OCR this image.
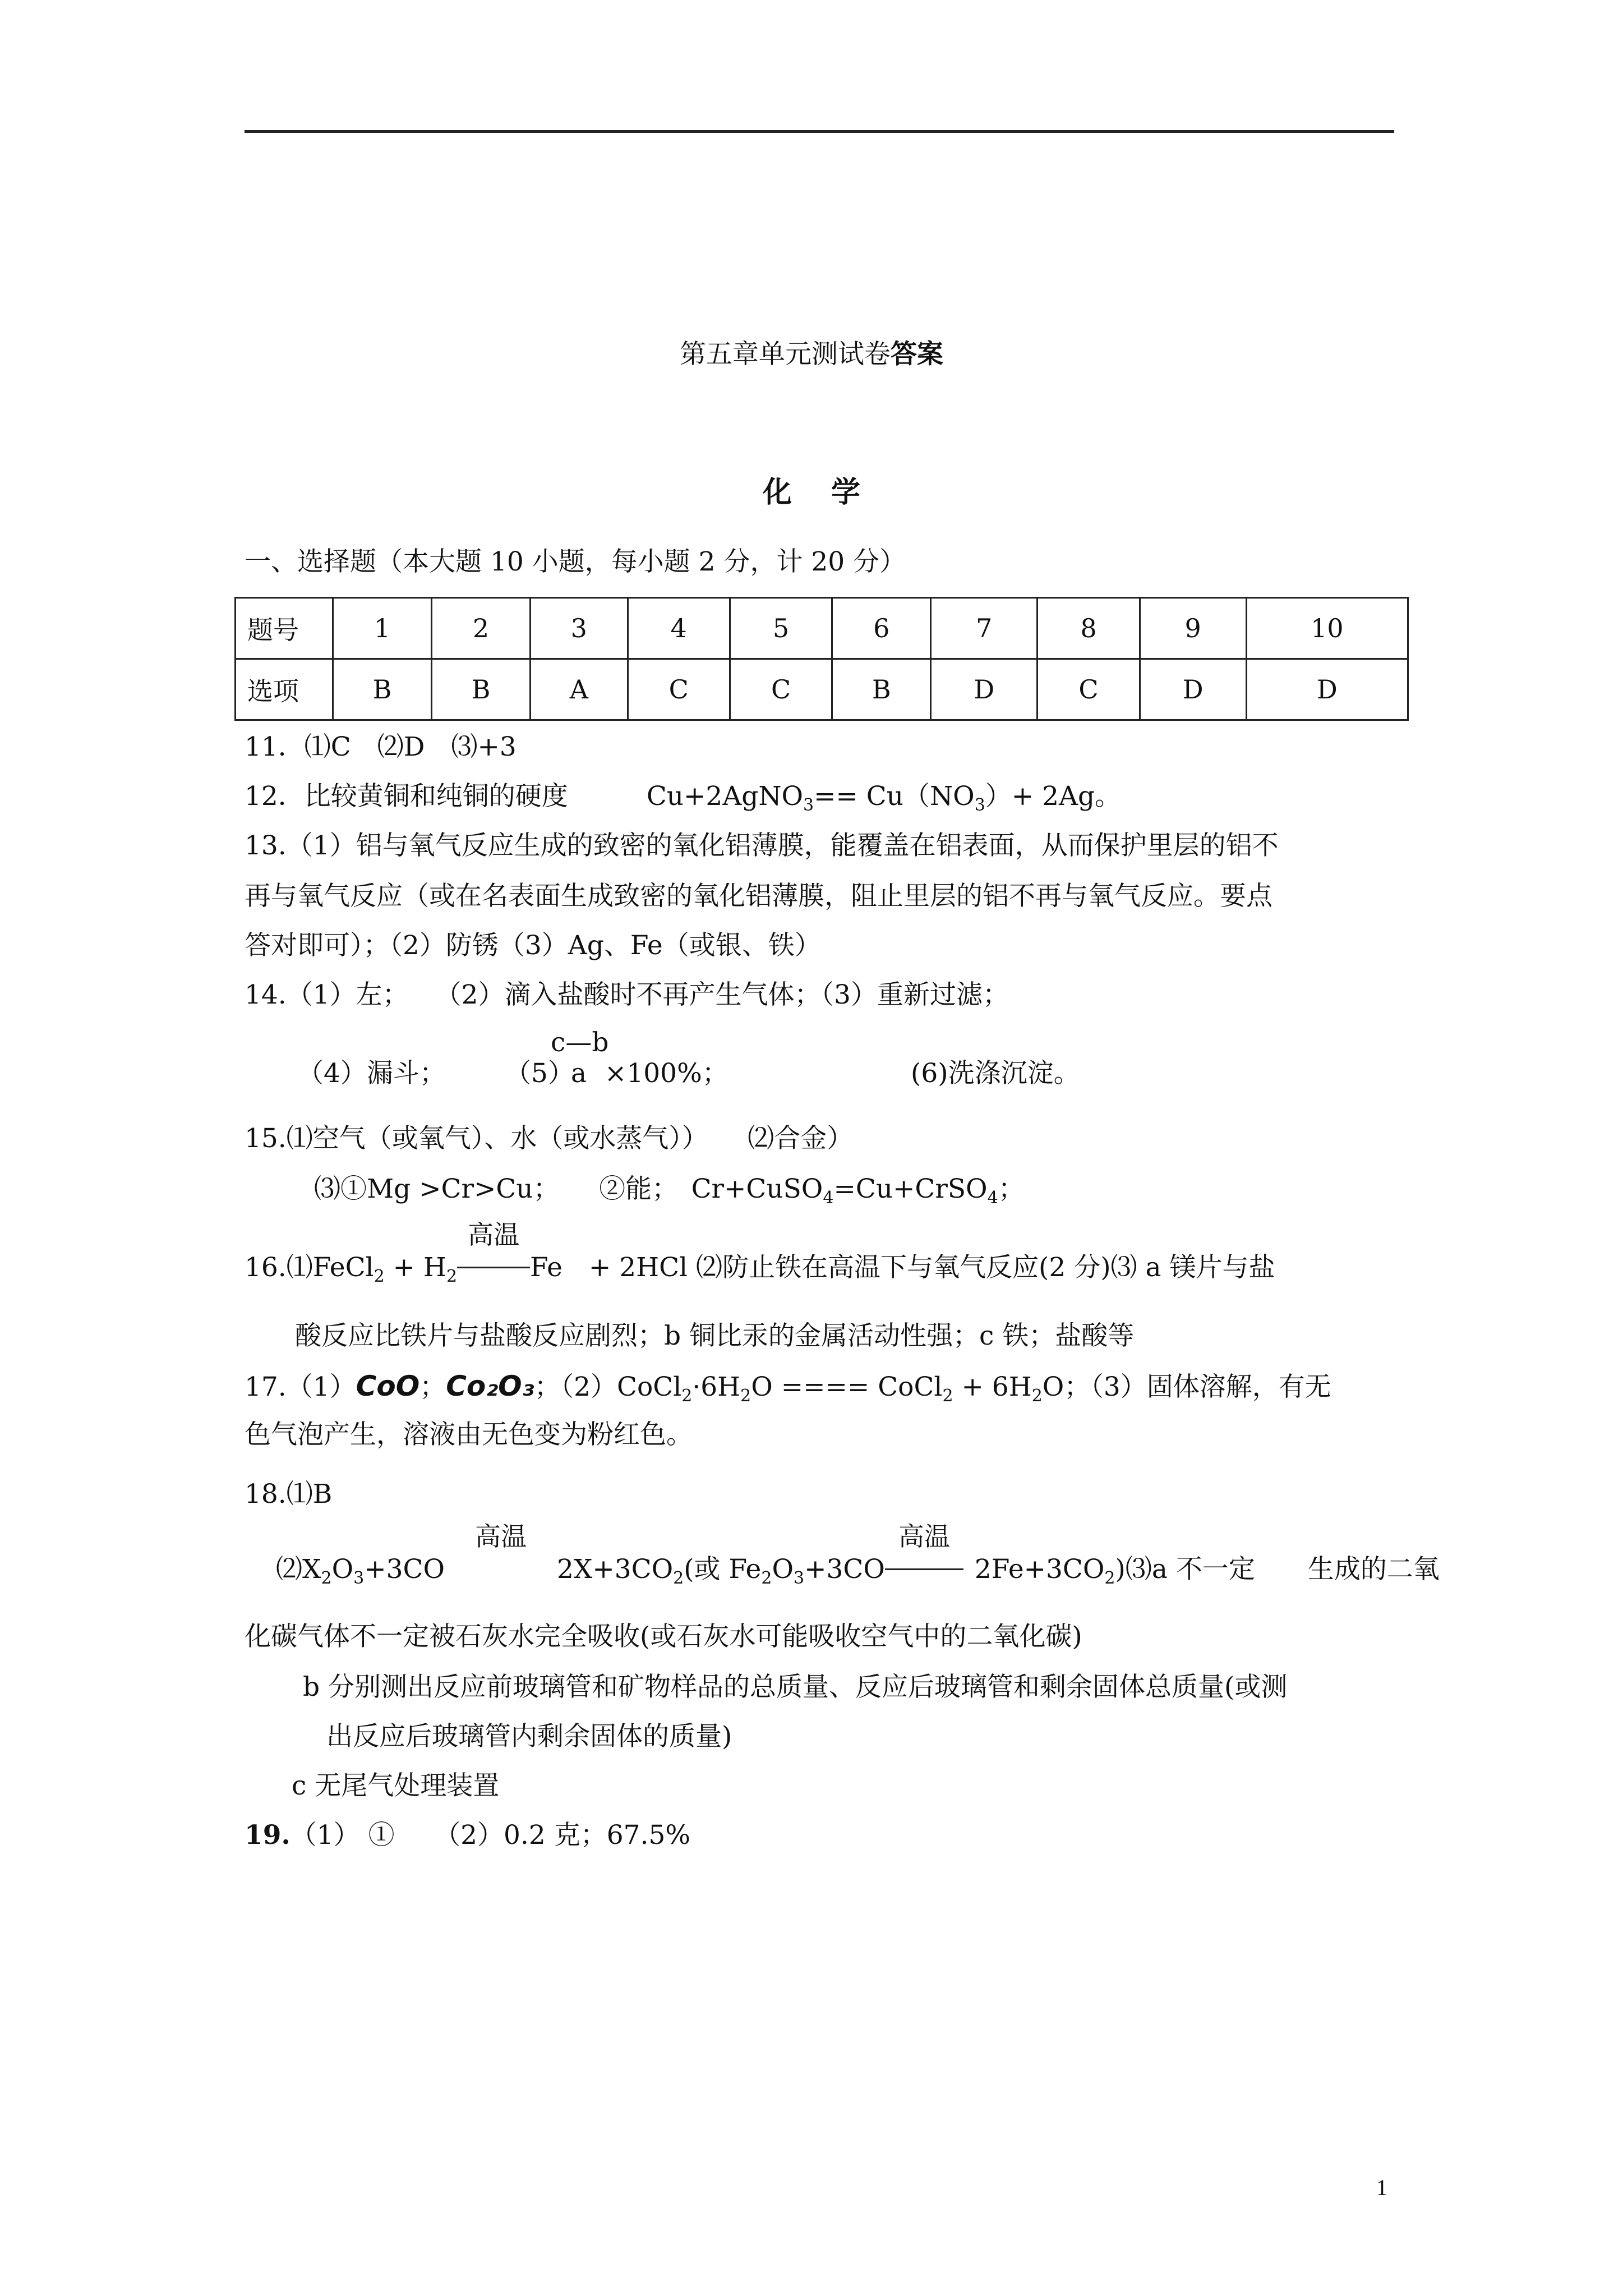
第五章单元测试卷答案
化学
一、选择题（本大题 10 小题，每小题 2 分，计 20 分）
题号	1	2	3	4	5	6	7	8	9	10
选项	B	B	A	C	C	B	D	C	D	D
11．⑴C　⑵D　⑶+3
12．比较黄铜和纯铜的硬度	Cu+2AgNO$_3$== $Cu(NO_3)+ 2Ag$。
13.（1）铝与氧气反应生成的致密的氧化铝薄膜，能覆盖在铝表面，从而保护里层的铝不
再与氧气反应（或在名表面生成致密的氧化铝薄膜，阻止里层的铝不再与氧气反应。要点
答对即可）；（2）防锈（3）Ag、Fe（或银、铁）
14.（1）左；　　（2）滴入盐酸时不再产生气体；（3）重新过滤；
（4）漏斗； （5）
c—b
a ×100%；	(6)洗涤沉淀。
15.⑴空气（或氧气）、水（或水蒸气））　　⑵合金）
⑶①Mg >Cr>Cu；　　②能；　Cr+CuSO$_4$=Cu+CrSO$_4$；
16.⑴FeCl$_2$ + $H_2$
高温
Fe　+ 2HCl ⑵防止铁在高温下与氧气反应(2 分)⑶ a 镁片与盐
酸反应比铁片与盐酸反应剧烈；b 铜比汞的金属活动性强；c 铁；盐酸等
17.（1）CoO；Co₂O₃；$(2)CoCl_2\cdot 6H_2O$ ==== CoCl$_2$ + $6H_2O$；（3）固体溶解，有无
色气泡产生，溶液由无色变为粉红色。
18.⑴B
$⑵X_2O_3+3CO$
高温
$2X+3CO_2$(或 $Fe_2O_3+3CO$
高温
$2Fe+3CO_2)⑶a$ 不一定　　生成的二氧
化碳气体不一定被石灰水完全吸收(或石灰水可能吸收空气中的二氧化碳)
b 分别测出反应前玻璃管和矿物样品的总质量、反应后玻璃管和剩余固体总质量(或测
出反应后玻璃管内剩余固体的质量)
c 无尾气处理装置
19.（1） ①　　（2）0.2 克；67.5%
1
